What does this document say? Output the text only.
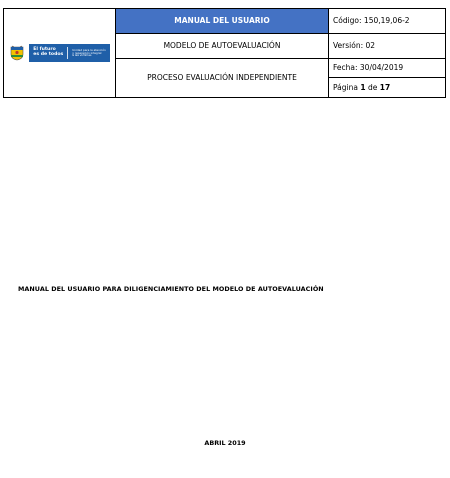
El futuro
es de todos
Unidad para la atención
y reparación integral
a las víctimas	MANUAL DEL USUARIO	Código: 150,19,06-2
	MODELO DE AUTOEVALUACIÓN	Versión: 02
	PROCESO EVALUACIÓN INDEPENDIENTE	Fecha: 30/04/2019
		Página 1 de 17
MANUAL DEL USUARIO PARA DILIGENCIAMIENTO DEL MODELO DE AUTOEVALUACIÓN
ABRIL 2019
